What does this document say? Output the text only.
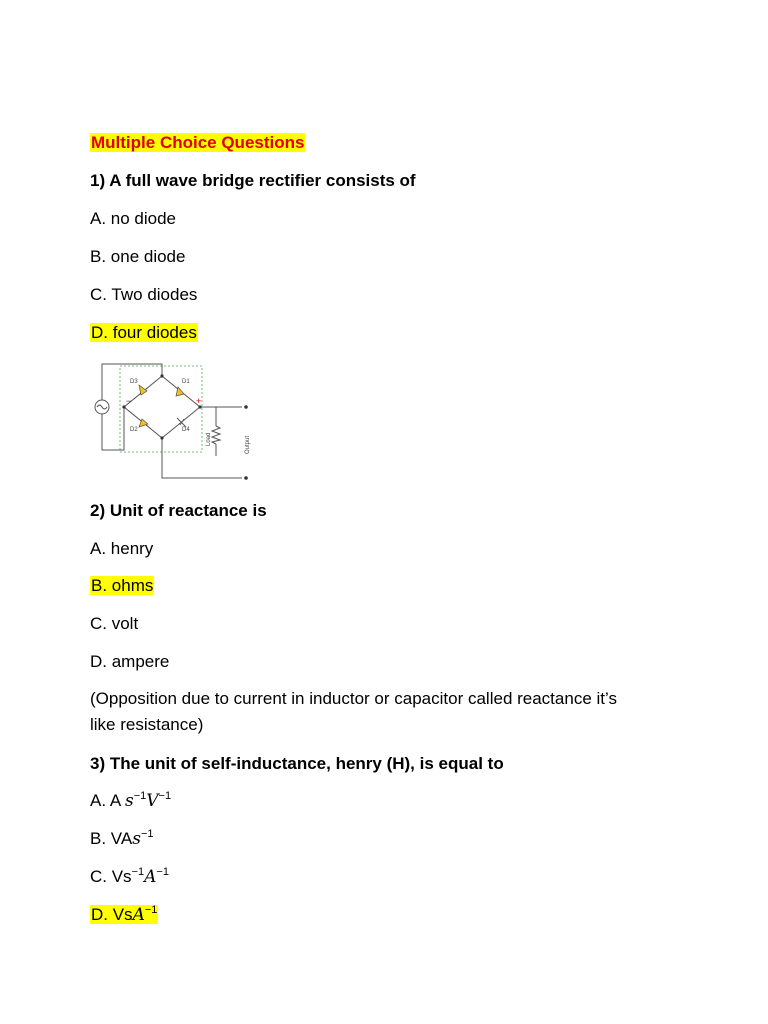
Multiple Choice Questions
1) A full wave bridge rectifier consists of
A. no diode
B. one diode
C. Two diodes
D. four diodes
D3	D1
D2	D4
+
−
Load	Output
2) Unit of reactance is
A. henry
B. ohms
C. volt
D. ampere

(Opposition due to current in inductor or capacitor called reactance it’s

like resistance)

3) The unit of self-inductance, henry (H), is equal to
A. A $s^{-1}V^{-1}$
B. VAs$^{-1}$
C. $Vs^{-1}A^{-1}$
D. VsA$^{-1}$
